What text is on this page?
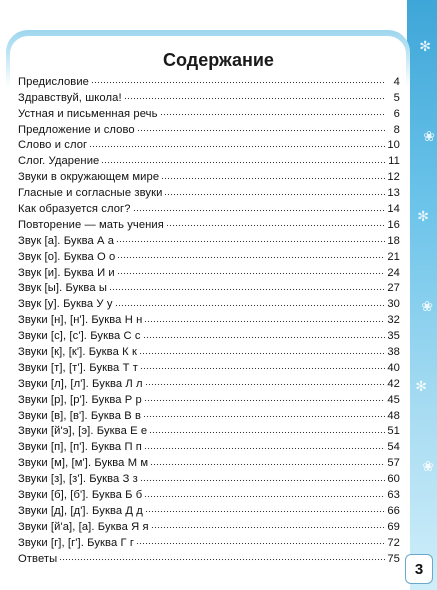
✻
❀
✻
❀
✻
❀
Содержание
Предисловие	4
Здравствуй, школа!	5
Устная и письменная речь	6
Предложение и слово	8
Слово и слог	10
Слог. Ударение	11
Звуки в окружающем мире	12
Гласные и согласные звуки	13
Как образуется слог?	14
Повторение — мать учения	16
Звук [а]. Буква А а	18
Звук [о]. Буква О о	21
Звук [и]. Буква И и	24
Звук [ы]. Буква ы	27
Звук [у]. Буква У у	30
Звуки [н], [н']. Буква Н н	32
Звуки [с], [с']. Буква С с	35
Звуки [к], [к']. Буква К к	38
Звуки [т], [т']. Буква Т т	40
Звуки [л], [л']. Буква Л л	42
Звуки [р], [р']. Буква Р р	45
Звуки [в], [в']. Буква В в	48
Звуки [й'э], [э]. Буква Е е	51
Звуки [п], [п']. Буква П п	54
Звуки [м], [м']. Буква М м	57
Звуки [з], [з']. Буква З з	60
Звуки [б], [б']. Буква Б б	63
Звуки [д], [д']. Буква Д д	66
Звуки [й'а], [а]. Буква Я я	69
Звуки [г], [г']. Буква Г г	72
Ответы	75
3
